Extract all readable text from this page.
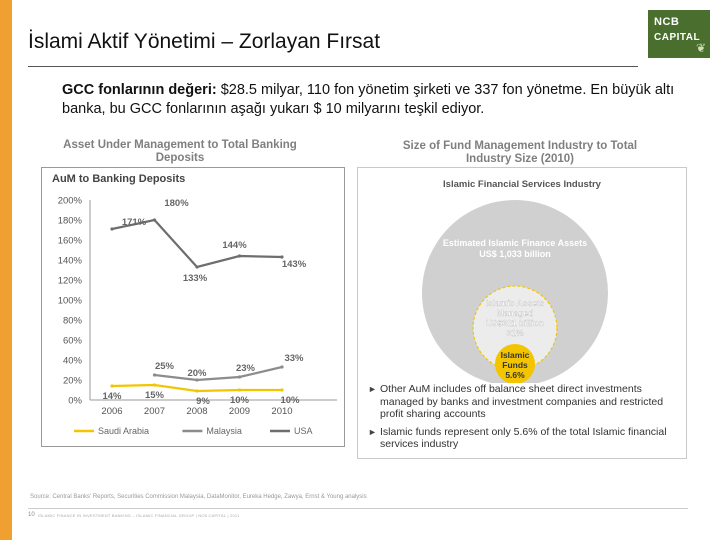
İslami Aktif Yönetimi – Zorlayan Fırsat
NCB
CAPITAL
❦
GCC fonlarının değeri: $28.5 milyar, 110 fon yönetim şirketi ve 337 fon yönetme. En büyük altı banka, bu GCC fonlarının aşağı yukarı $ 10 milyarını teşkil ediyor.
Asset Under Management to Total Banking Deposits
Size of Fund Management Industry to Total Industry Size (2010)
AuM to Banking Deposits
0%
20%
40%
60%
80%
100%
120%
140%
160%
180%
200%
2006 2007 2008 2009 2010
14% 15%
9% 10%	10%
25%
20%	23%
33%
171%
180%
133%
144%
143%
Saudi Arabia	Malaysia	USA
Islamic Financial Services Industry
Estimated Islamic Finance Assets US$ 1,033 billion
Islamic Assets Managed US$321 billion 31%
Islamic Funds 5.6%
► Other AuM includes off balance sheet direct investments managed by banks and investment companies and restricted profit sharing accounts
► Islamic funds represent only 5.6% of the total Islamic financial services industry
Source: Central Banks' Reports, Securities Commission Malaysia, DataMonitor, Eureka Hedge, Zawya, Ernst & Young analysis
10 ISLAMIC FINANCE IN INVESTMENT BANKING – ISLAMIC FINANCIAL GROUP | NCB CAPITAL | 2011
